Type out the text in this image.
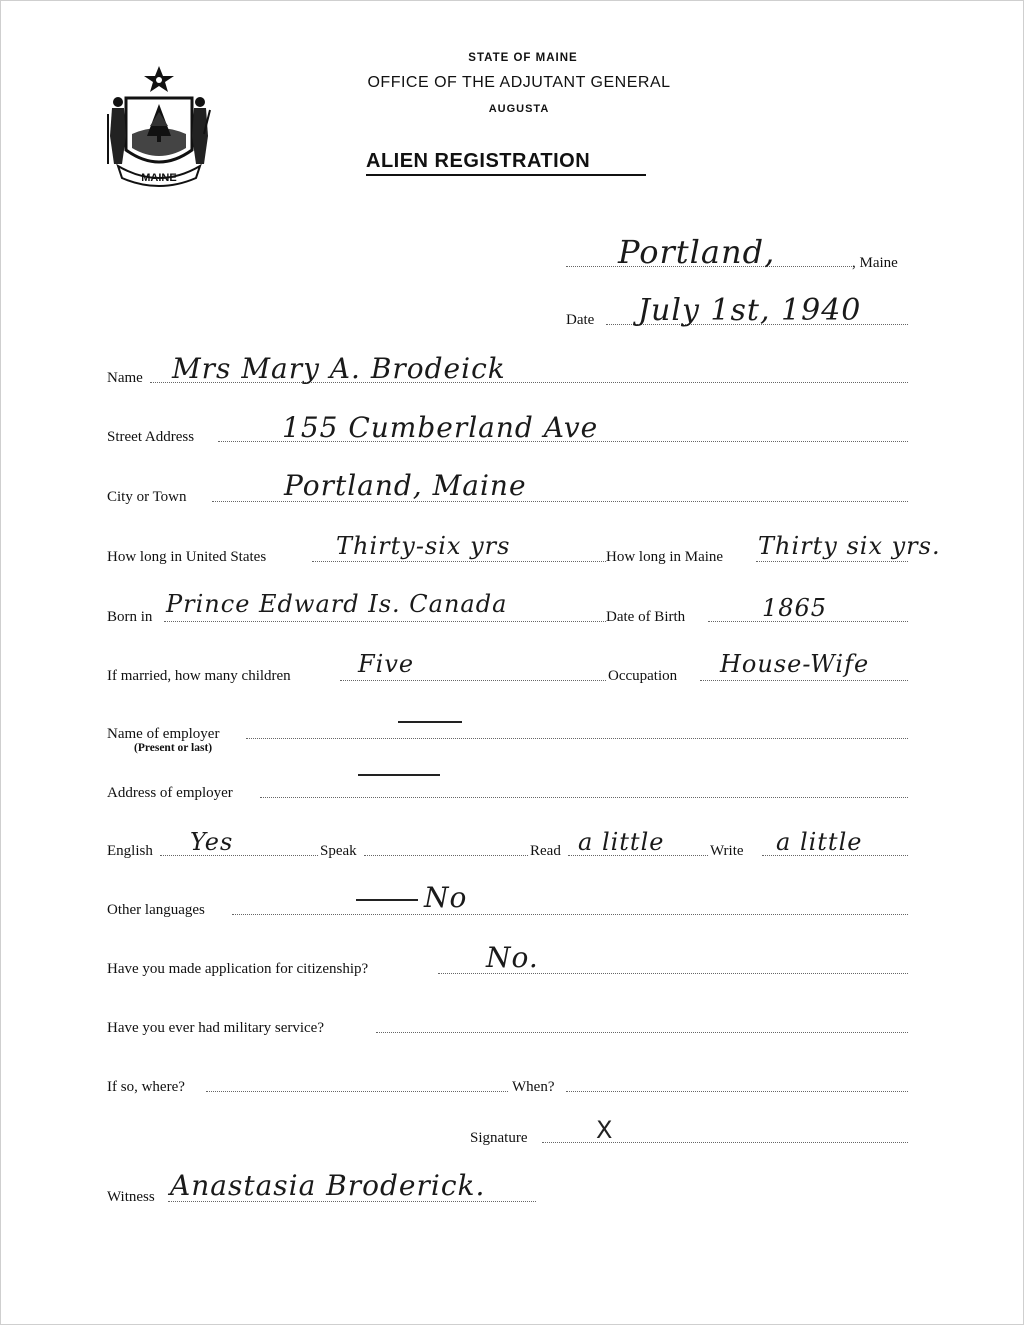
MAINE
STATE OF MAINE
OFFICE OF THE ADJUTANT GENERAL
AUGUSTA
ALIEN REGISTRATION
Portland,	, Maine
Date July 1st, 1940
Name Mrs Mary A. Brodeick
Street Address	155 Cumberland Ave
City or Town	Portland, Maine
How long in United States	Thirty-six yrs	How long in Maine Thirty six yrs.
Born in Prince Edward Is. Canada	Date of Birth	1865
If married, how many children	Five	Occupation House-Wife
Name of employer
(Present or last)
Address of employer
English Yes	Speak	Read a little	Write a little
Other languages	No
Have you made application for citizenship?	No.
Have you ever had military service?
If so, where?	When?
Signature	X
Witness Anastasia Broderick.
